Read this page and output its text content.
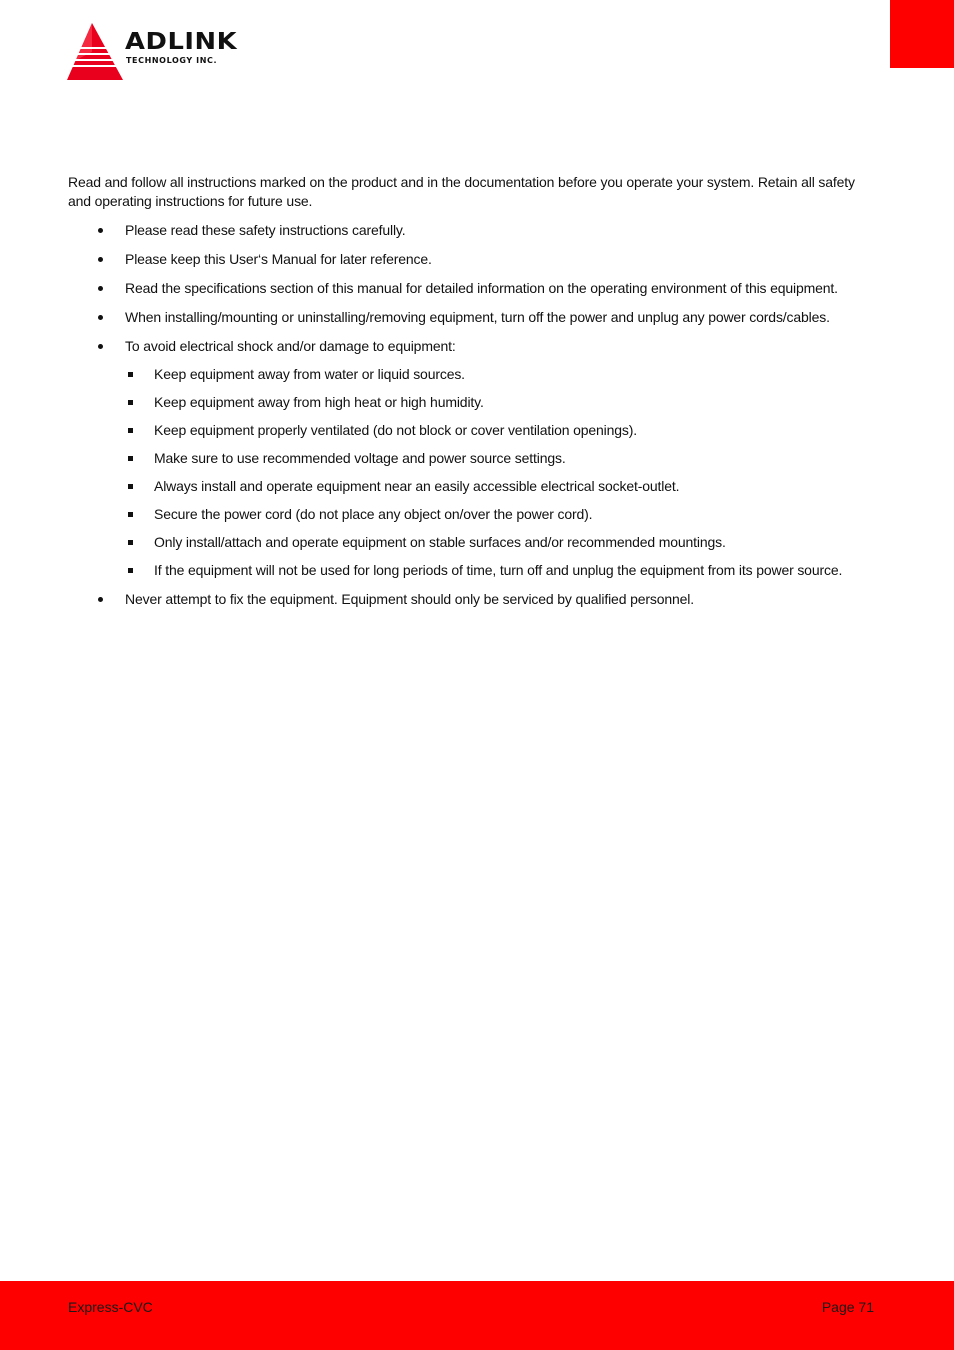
ADLINK
TECHNOLOGY INC.

Read and follow all instructions marked on the product and in the documentation before you operate your system. Retain all safety and operating instructions for future use.

Please read these safety instructions carefully.
Please keep this User‘s Manual for later reference.
Read the specifications section of this manual for detailed information on the operating environment of this equipment.
When installing/mounting or uninstalling/removing equipment, turn off the power and unplug any power cords/cables.
To avoid electrical shock and/or damage to equipment:
Keep equipment away from water or liquid sources.
Keep equipment away from high heat or high humidity.
Keep equipment properly ventilated (do not block or cover ventilation openings).
Make sure to use recommended voltage and power source settings.
Always install and operate equipment near an easily accessible electrical socket-outlet.
Secure the power cord (do not place any object on/over the power cord).
Only install/attach and operate equipment on stable surfaces and/or recommended mountings.
If the equipment will not be used for long periods of time, turn off and unplug the equipment from its power source.
Never attempt to fix the equipment. Equipment should only be serviced by qualified personnel.
Express-CVC	Page 71
